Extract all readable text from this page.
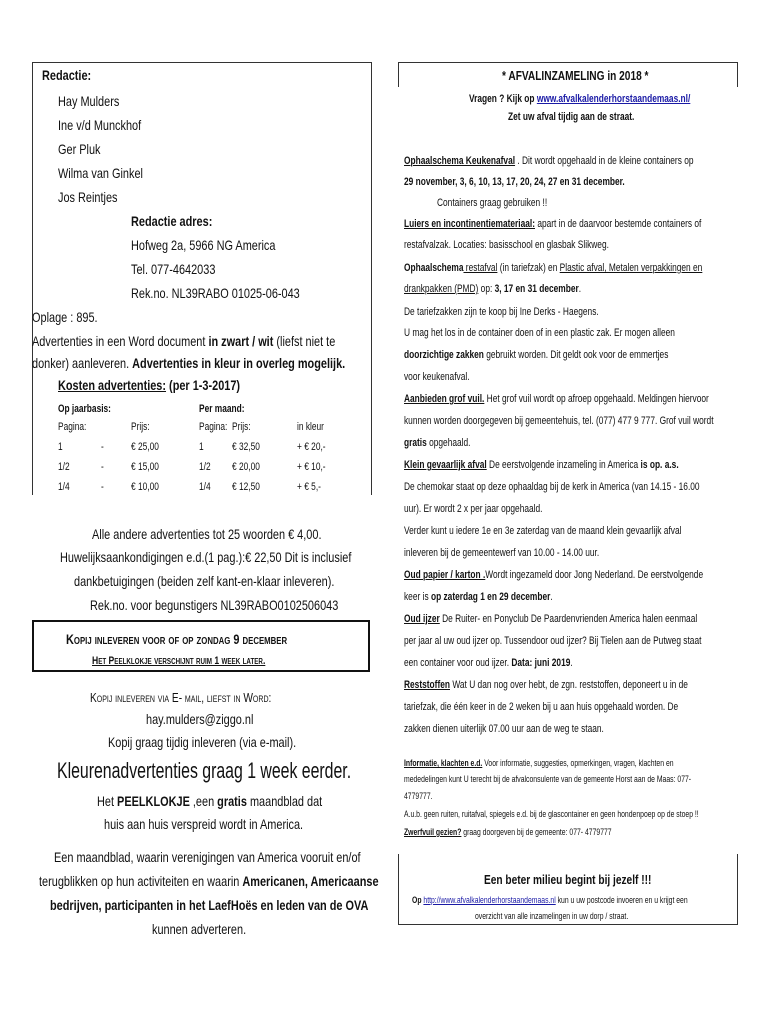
Redactie:
Hay Mulders
Ine v/d Munckhof
Ger Pluk
Wilma van Ginkel
Jos Reintjes
Redactie adres:
Hofweg 2a, 5966 NG America
Tel. 077-4642033
Rek.no. NL39RABO 01025-06-043
Oplage : 895.
Advertenties in een Word document in zwart / wit (liefst niet te
donker) aanleveren. Advertenties in kleur in overleg mogelijk.
Kosten advertenties: (per 1-3-2017)
Op jaarbasis:	Per maand:
Pagina:	Prijs:	Pagina: Prijs:	in kleur
1	- € 25,00	1	€ 32,50	+ € 20,-
1/2	- € 15,00	1/2 € 20,00	+ € 10,-
1/4	- € 10,00	1/4 € 12,50	+ € 5,-
Alle andere advertenties tot 25 woorden € 4,00.
Huwelijksaankondigingen e.d.(1 pag.):€ 22,50 Dit is inclusief
dankbetuigingen (beiden zelf kant-en-klaar inleveren).
Rek.no. voor begunstigers NL39RABO0102506043
Kopij inleveren voor of op zondag 9 december
Het Peelklokje verschijnt ruim 1 week later.
Kopij inleveren via E- mail, liefst in Word:
hay.mulders@ziggo.nl
Kopij graag tijdig inleveren (via e-mail).
Kleurenadvertenties graag 1 week eerder.
Het PEELKLOKJE ,een gratis maandblad dat
huis aan huis verspreid wordt in America.
Een maandblad, waarin verenigingen van America vooruit en/of
terugblikken op hun activiteiten en waarin Americanen, Americaanse
bedrijven, participanten in het LaefHoës en leden van de OVA
kunnen adverteren.
* AFVALINZAMELING in 2018 *
Vragen ? Kijk op www.afvalkalenderhorstaandemaas.nl/
Zet uw afval tijdig aan de straat.
Ophaalschema Keukenafval . Dit wordt opgehaald in de kleine containers op
29 november, 3, 6, 10, 13, 17, 20, 24, 27 en 31 december.
Containers graag gebruiken !!
Luiers en incontinentiemateriaal: apart in de daarvoor bestemde containers of
restafvalzak. Locaties: basisschool en glasbak Slikweg.
Ophaalschema restafval (in tariefzak) en Plastic afval, Metalen verpakkingen en
drankpakken (PMD) op: 3, 17 en 31 december.
De tariefzakken zijn te koop bij Ine Derks - Haegens.
U mag het los in de container doen of in een plastic zak. Er mogen alleen
doorzichtige zakken gebruikt worden. Dit geldt ook voor de emmertjes
voor keukenafval.
Aanbieden grof vuil. Het grof vuil wordt op afroep opgehaald. Meldingen hiervoor
kunnen worden doorgegeven bij gemeentehuis, tel. (077) 477 9 777. Grof vuil wordt
gratis opgehaald.
Klein gevaarlijk afval De eerstvolgende inzameling in America is op. a.s.
De chemokar staat op deze ophaaldag bij de kerk in America (van 14.15 - 16.00
uur). Er wordt 2 x per jaar opgehaald.
Verder kunt u iedere 1e en 3e zaterdag van de maand klein gevaarlijk afval
inleveren bij de gemeentewerf van 10.00 - 14.00 uur.
Oud papier / karton .Wordt ingezameld door Jong Nederland. De eerstvolgende
keer is op zaterdag 1 en 29 december.
Oud ijzer De Ruiter- en Ponyclub De Paardenvrienden America halen eenmaal
per jaar al uw oud ijzer op. Tussendoor oud ijzer? Bij Tielen aan de Putweg staat
een container voor oud ijzer. Data: juni 2019.
Reststoffen Wat U dan nog over hebt, de zgn. reststoffen, deponeert u in de
tariefzak, die één keer in de 2 weken bij u aan huis opgehaald worden. De
zakken dienen uiterlijk 07.00 uur aan de weg te staan.
Informatie, klachten e.d. Voor informatie, suggesties, opmerkingen, vragen, klachten en
mededelingen kunt U terecht bij de afvalconsulente van de gemeente Horst aan de Maas: 077-
4779777.
A.u.b. geen ruiten, ruitafval, spiegels e.d. bij de glascontainer en geen hondenpoep op de stoep !!
Zwerfvuil gezien? graag doorgeven bij de gemeente: 077- 4779777
Een beter milieu begint bij jezelf !!!
Op http://www.afvalkalenderhorstaandemaas.nl kun u uw postcode invoeren en u krijgt een
overzicht van alle inzamelingen in uw dorp / straat.
